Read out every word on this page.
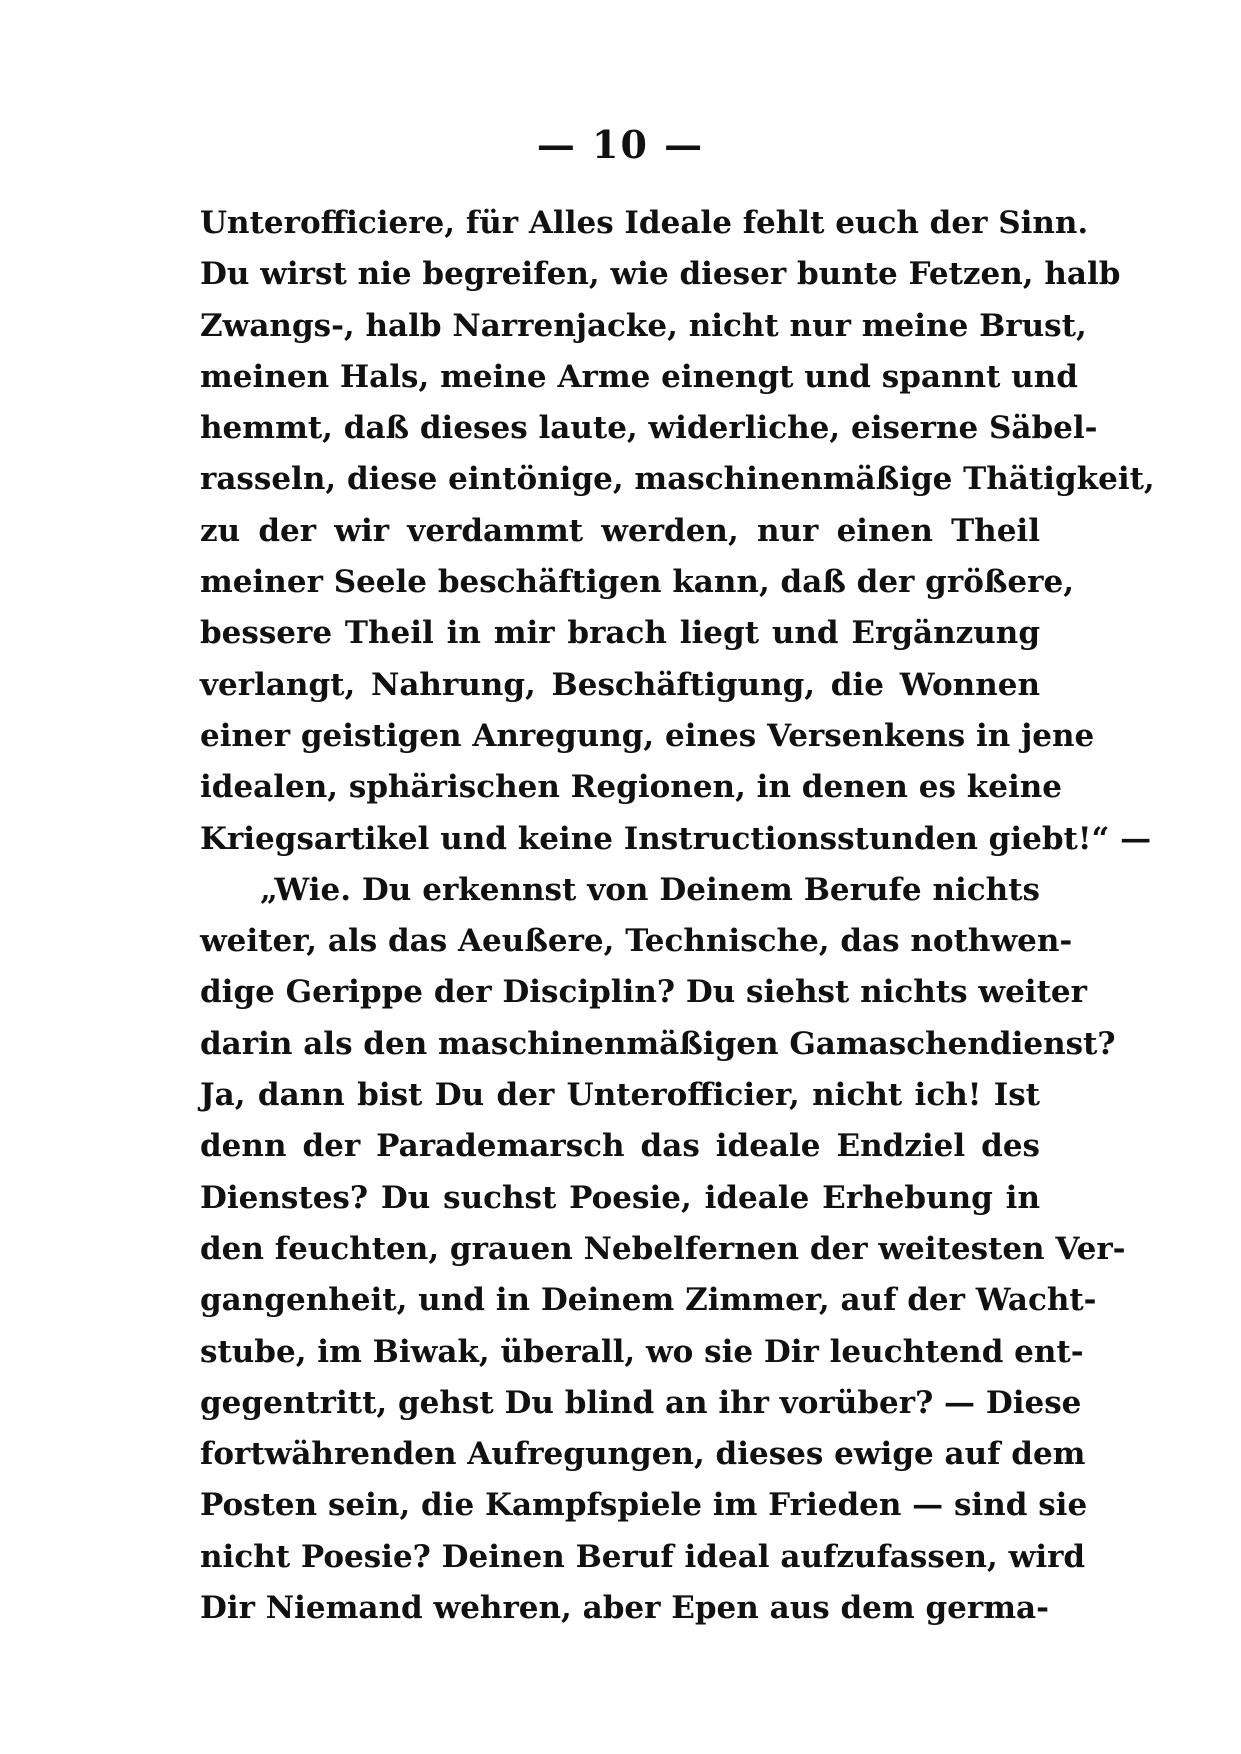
— 10 —
Unterofficiere, für Alles Ideale fehlt euch der Sinn.
Du wirst nie begreifen, wie dieser bunte Fetzen, halb
Zwangs-, halb Narrenjacke, nicht nur meine Brust,
meinen Hals, meine Arme einengt und spannt und
hemmt, daß dieses laute, widerliche, eiserne Säbel-
rasseln, diese eintönige, maschinenmäßige Thätigkeit,
zu der wir verdammt werden, nur einen Theil
meiner Seele beschäftigen kann, daß der größere,
bessere Theil in mir brach liegt und Ergänzung
verlangt, Nahrung, Beschäftigung, die Wonnen
einer geistigen Anregung, eines Versenkens in jene
idealen, sphärischen Regionen, in denen es keine
Kriegsartikel und keine Instructionsstunden giebt!“ —
„Wie. Du erkennst von Deinem Berufe nichts
weiter, als das Aeußere, Technische, das nothwen-
dige Gerippe der Disciplin? Du siehst nichts weiter
darin als den maschinenmäßigen Gamaschendienst?
Ja, dann bist Du der Unterofficier, nicht ich! Ist
denn der Parademarsch das ideale Endziel des
Dienstes? Du suchst Poesie, ideale Erhebung in
den feuchten, grauen Nebelfernen der weitesten Ver-
gangenheit, und in Deinem Zimmer, auf der Wacht-
stube, im Biwak, überall, wo sie Dir leuchtend ent-
gegentritt, gehst Du blind an ihr vorüber? — Diese
fortwährenden Aufregungen, dieses ewige auf dem
Posten sein, die Kampfspiele im Frieden — sind sie
nicht Poesie? Deinen Beruf ideal aufzufassen, wird
Dir Niemand wehren, aber Epen aus dem germa-
